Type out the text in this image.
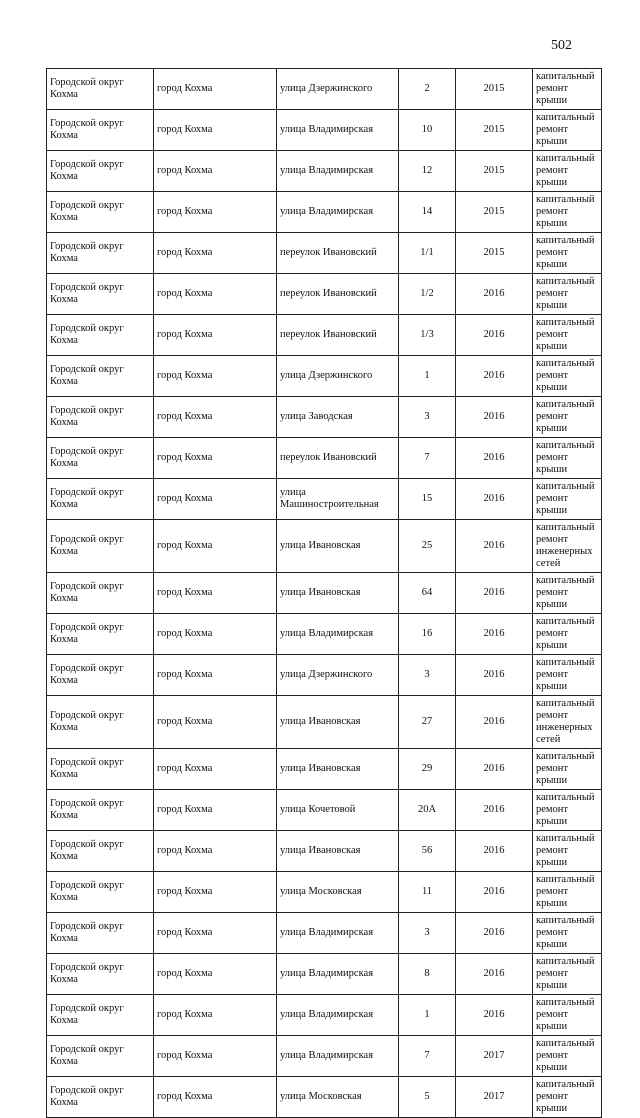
502
Городской округ Кохма	город Кохма	улица Дзержинского	2	2015	капитальный ремонт крыши
Городской округ Кохма	город Кохма	улица Владимирская	10	2015	капитальный ремонт крыши
Городской округ Кохма	город Кохма	улица Владимирская	12	2015	капитальный ремонт крыши
Городской округ Кохма	город Кохма	улица Владимирская	14	2015	капитальный ремонт крыши
Городской округ Кохма	город Кохма	переулок Ивановский	1/1	2015	капитальный ремонт крыши
Городской округ Кохма	город Кохма	переулок Ивановский	1/2	2016	капитальный ремонт крыши
Городской округ Кохма	город Кохма	переулок Ивановский	1/3	2016	капитальный ремонт крыши
Городской округ Кохма	город Кохма	улица Дзержинского	1	2016	капитальный ремонт крыши
Городской округ Кохма	город Кохма	улица Заводская	3	2016	капитальный ремонт крыши
Городской округ Кохма	город Кохма	переулок Ивановский	7	2016	капитальный ремонт крыши
Городской округ Кохма	город Кохма	улица Машиностроительная	15	2016	капитальный ремонт крыши
Городской округ Кохма	город Кохма	улица Ивановская	25	2016	капитальный ремонт инженерных сетей
Городской округ Кохма	город Кохма	улица Ивановская	64	2016	капитальный ремонт крыши
Городской округ Кохма	город Кохма	улица Владимирская	16	2016	капитальный ремонт крыши
Городской округ Кохма	город Кохма	улица Дзержинского	3	2016	капитальный ремонт крыши
Городской округ Кохма	город Кохма	улица Ивановская	27	2016	капитальный ремонт инженерных сетей
Городской округ Кохма	город Кохма	улица Ивановская	29	2016	капитальный ремонт крыши
Городской округ Кохма	город Кохма	улица Кочетовой	20А	2016	капитальный ремонт крыши
Городской округ Кохма	город Кохма	улица Ивановская	56	2016	капитальный ремонт крыши
Городской округ Кохма	город Кохма	улица Московская	11	2016	капитальный ремонт крыши
Городской округ Кохма	город Кохма	улица Владимирская	3	2016	капитальный ремонт крыши
Городской округ Кохма	город Кохма	улица Владимирская	8	2016	капитальный ремонт крыши
Городской округ Кохма	город Кохма	улица Владимирская	1	2016	капитальный ремонт крыши
Городской округ Кохма	город Кохма	улица Владимирская	7	2017	капитальный ремонт крыши
Городской округ Кохма	город Кохма	улица Московская	5	2017	капитальный ремонт крыши
